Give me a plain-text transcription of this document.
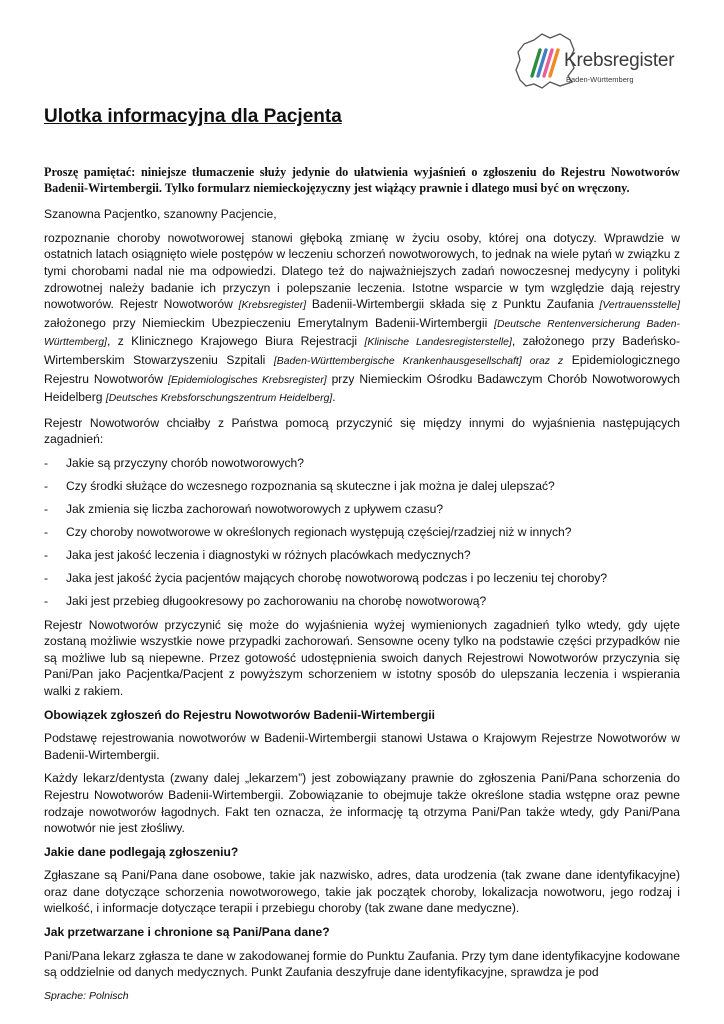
Krebsregister
Baden-Württemberg
Ulotka informacyjna dla Pacjenta

Proszę pamiętać: niniejsze tłumaczenie służy jedynie do ułatwienia wyjaśnień o zgłoszeniu do Rejestru Nowotworów Badenii-Wirtembergii. Tylko formularz niemieckojęzyczny jest wiążący prawnie i dlatego musi być on wręczony.

Szanowna Pacjentko, szanowny Pacjencie,

rozpoznanie choroby nowotworowej stanowi głęboką zmianę w życiu osoby, której ona dotyczy. Wprawdzie w ostatnich latach osiągnięto wiele postępów w leczeniu schorzeń nowotworowych, to jednak na wiele pytań w związku z tymi chorobami nadal nie ma odpowiedzi. Dlatego też do najważniejszych zadań nowoczesnej medycyny i polityki zdrowotnej należy badanie ich przyczyn i polepszanie leczenia. Istotne wsparcie w tym względzie dają rejestry nowotworów. Rejestr Nowotworów [Krebsregister] Badenii-Wirtembergii składa się z Punktu Zaufania [Vertrauensstelle] założonego przy Niemieckim Ubezpieczeniu Emerytalnym Badenii-Wirtembergii [Deutsche Rentenversicherung Baden-Württemberg], z Klinicznego Krajowego Biura Rejestracji [Klinische Landesregisterstelle], założonego przy Badeńsko-Wirtemberskim Stowarzyszeniu Szpitali [Baden-Württembergische Krankenhausgesellschaft] oraz z Epidemiologicznego Rejestru Nowotworów [Epidemiologisches Krebsregister] przy Niemieckim Ośrodku Badawczym Chorób Nowotworowych Heidelberg [Deutsches Krebsforschungszentrum Heidelberg].

Rejestr Nowotworów chciałby z Państwa pomocą przyczynić się między innymi do wyjaśnienia następujących zagadnień:

- Jakie są przyczyny chorób nowotworowych?
- Czy środki służące do wczesnego rozpoznania są skuteczne i jak można je dalej ulepszać?
- Jak zmienia się liczba zachorowań nowotworowych z upływem czasu?
- Czy choroby nowotworowe w określonych regionach występują częściej/rzadziej niż w innych?
- Jaka jest jakość leczenia i diagnostyki w różnych placówkach medycznych?
- Jaka jest jakość życia pacjentów mających chorobę nowotworową podczas i po leczeniu tej choroby?
- Jaki jest przebieg długookresowy po zachorowaniu na chorobę nowotworową?

Rejestr Nowotworów przyczynić się może do wyjaśnienia wyżej wymienionych zagadnień tylko wtedy, gdy ujęte zostaną możliwie wszystkie nowe przypadki zachorowań. Sensowne oceny tylko na podstawie części przypadków nie są możliwe lub są niepewne. Przez gotowość udostępnienia swoich danych Rejestrowi Nowotworów przyczynia się Pani/Pan jako Pacjentka/Pacjent z powyższym schorzeniem w istotny sposób do ulepszania leczenia i wspierania walki z rakiem.

Obowiązek zgłoszeń do Rejestru Nowotworów Badenii-Wirtembergii

Podstawę rejestrowania nowotworów w Badenii-Wirtembergii stanowi Ustawa o Krajowym Rejestrze Nowotworów w Badenii-Wirtembergii.

Każdy lekarz/dentysta (zwany dalej „lekarzem”) jest zobowiązany prawnie do zgłoszenia Pani/Pana schorzenia do Rejestru Nowotworów Badenii-Wirtembergii. Zobowiązanie to obejmuje także określone stadia wstępne oraz pewne rodzaje nowotworów łagodnych. Fakt ten oznacza, że informację tą otrzyma Pani/Pan także wtedy, gdy Pani/Pana nowotwór nie jest złośliwy.

Jakie dane podlegają zgłoszeniu?

Zgłaszane są Pani/Pana dane osobowe, takie jak nazwisko, adres, data urodzenia (tak zwane dane identyfikacyjne) oraz dane dotyczące schorzenia nowotworowego, takie jak początek choroby, lokalizacja nowotworu, jego rodzaj i wielkość, i informacje dotyczące terapii i przebiegu choroby (tak zwane dane medyczne).

Jak przetwarzane i chronione są Pani/Pana dane?

Pani/Pana lekarz zgłasza te dane w zakodowanej formie do Punktu Zaufania. Przy tym dane identyfikacyjne kodowane są oddzielnie od danych medycznych. Punkt Zaufania deszyfruje dane identyfikacyjne, sprawdza je pod

Sprache: Polnisch
